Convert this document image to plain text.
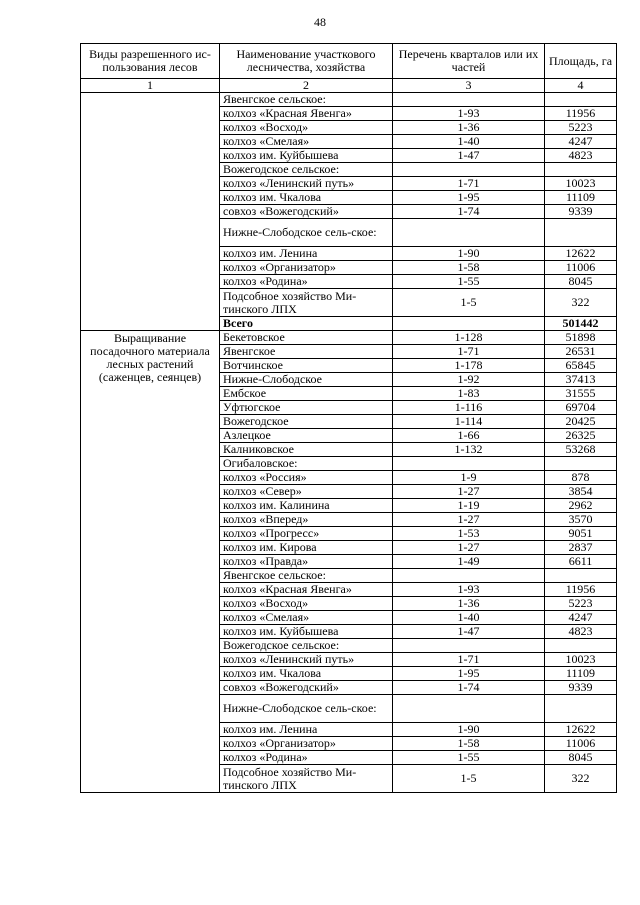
48
Виды разрешенного ис-пользования лесов	Наименование участкового лесничества, хозяйства	Перечень кварталов или их частей	Площадь, га
1	2	3	4
	Явенгское сельское:		
	колхоз «Красная Явенга»	1-93	11956
	колхоз «Восход»	1-36	5223
	колхоз «Смелая»	1-40	4247
	колхоз им. Куйбышева	1-47	4823
	Вожегодское сельское:		
	колхоз «Ленинский путь»	1-71	10023
	колхоз им. Чкалова	1-95	11109
	совхоз «Вожегодский»	1-74	9339
	Нижне-Слободское сель-ское:		
	колхоз им. Ленина	1-90	12622
	колхоз «Организатор»	1-58	11006
	колхоз «Родина»	1-55	8045
	Подсобное хозяйство Ми-тинского ЛПХ	1-5	322
	Всего		501442
Выращивание посадочного материала лесных растений (саженцев, сеянцев)	Бекетовское	1-128	51898
	Явенгское	1-71	26531
	Вотчинское	1-178	65845
	Нижне-Слободское	1-92	37413
	Ембское	1-83	31555
	Уфтюгское	1-116	69704
	Вожегодское	1-114	20425
	Азлецкое	1-66	26325
	Калниковское	1-132	53268
	Огибаловское:		
	колхоз «Россия»	1-9	878
	колхоз «Север»	1-27	3854
	колхоз им. Калинина	1-19	2962
	колхоз «Вперед»	1-27	3570
	колхоз «Прогресс»	1-53	9051
	колхоз им. Кирова	1-27	2837
	колхоз «Правда»	1-49	6611
	Явенгское сельское:		
	колхоз «Красная Явенга»	1-93	11956
	колхоз «Восход»	1-36	5223
	колхоз «Смелая»	1-40	4247
	колхоз им. Куйбышева	1-47	4823
	Вожегодское сельское:		
	колхоз «Ленинский путь»	1-71	10023
	колхоз им. Чкалова	1-95	11109
	совхоз «Вожегодский»	1-74	9339
	Нижне-Слободское сель-ское:		
	колхоз им. Ленина	1-90	12622
	колхоз «Организатор»	1-58	11006
	колхоз «Родина»	1-55	8045
	Подсобное хозяйство Ми-тинского ЛПХ	1-5	322
